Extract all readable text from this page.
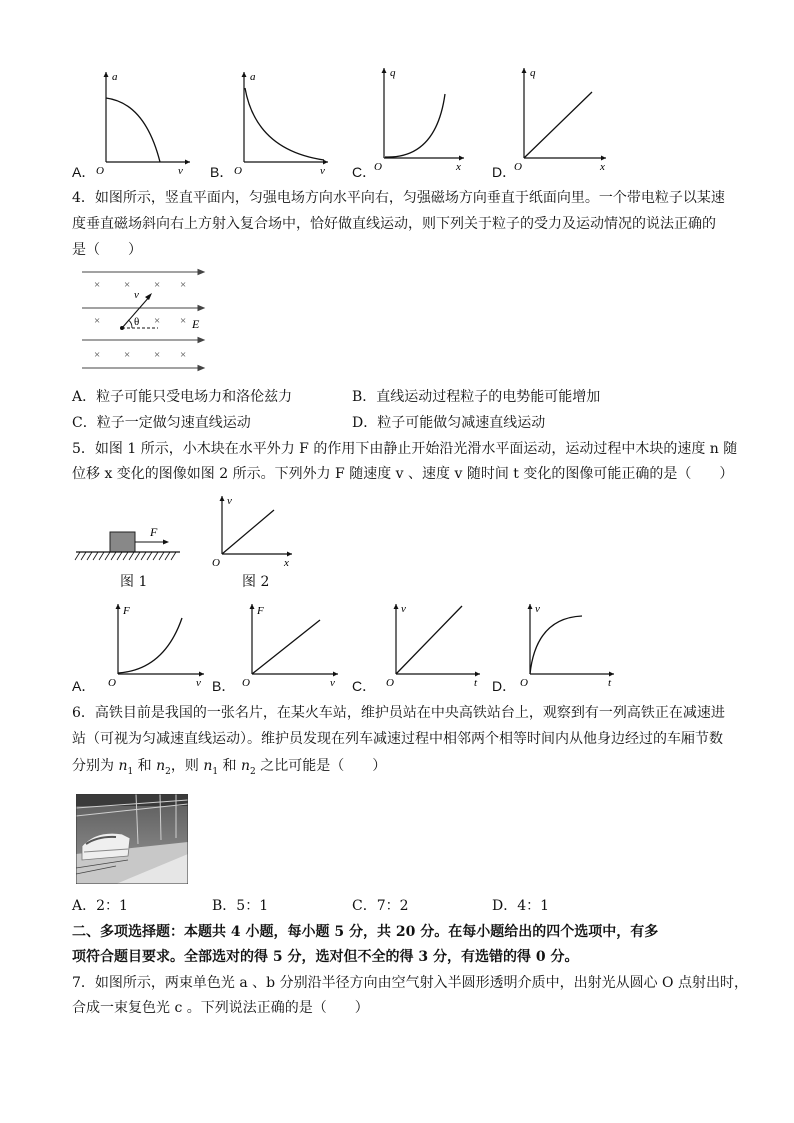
A．
a
v
O	B．
a
v
O	C．
q
x
O	D．
q
x
O
4．如图所示，竖直平面内，匀强电场方向水平向右，匀强磁场方向垂直于纸面向里。一个带电粒子以某速
度垂直磁场斜向右上方射入复合场中，恰好做直线运动，则下列关于粒子的受力及运动情况的说法正确的
是（　　）
× × × ×
×	× ×
× × × ×
v
θ	E
A．粒子可能只受电场力和洛伦兹力	B．直线运动过程粒子的电势能可能增加
C．粒子一定做匀速直线运动	D．粒子可能做匀减速直线运动
5．如图 1 所示，小木块在水平外力 F 的作用下由静止开始沿光滑水平面运动，运动过程中木块的速度 n 随
位移 x 变化的图像如图 2 所示。下列外力 F 随速度 v 、速度 v 随时间 t 变化的图像可能正确的是（　　）
F
图 1
v
x
O
图 2
A．
F
v
O	B．
F
v
O	C．
v
t
O	D．
v
t
O
6．高铁目前是我国的一张名片，在某火车站，维护员站在中央高铁站台上，观察到有一列高铁正在减速进
站（可视为匀减速直线运动）。维护员发现在列车减速过程中相邻两个相等时间内从他身边经过的车厢节数
分别为 $n_1$ 和 $n_2$，则 $n_1$ 和 $n_2$ 之比可能是（　　）
A．2：1	B．5：1	C．7：2	D．4：1
二、多项选择题：本题共 4 小题，每小题 5 分，共 20 分。在每小题给出的四个选项中，有多
项符合题目要求。全部选对的得 5 分，选对但不全的得 3 分，有选错的得 0 分。
7．如图所示，两束单色光 a 、b 分别沿半径方向由空气射入半圆形透明介质中，出射光从圆心 O 点射出时，
合成一束复色光 c 。下列说法正确的是（　　）
